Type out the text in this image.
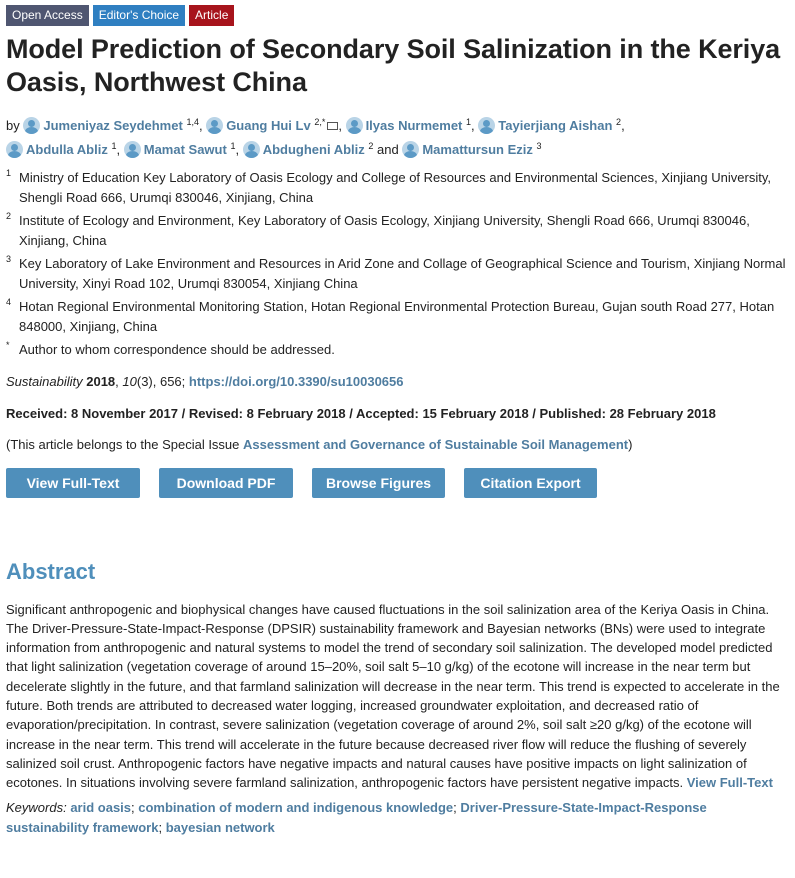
Open Access	Editor's Choice	Article
Model Prediction of Secondary Soil Salinization in the Keriya Oasis, Northwest China
by Jumeniyaz Seydehmet $^{1,4}$, Guang Hui Lv $^{2,*}$ , Ilyas Nurmemet $^1$, Tayierjiang Aishan $^2$,
Abdulla Abliz $^1$, Mamat Sawut $^1$, Abdugheni Abliz $^2$ and Mamattursun Eziz $^3$
1 Ministry of Education Key Laboratory of Oasis Ecology and College of Resources and Environmental Sciences, Xinjiang University, Shengli Road 666, Urumqi 830046, Xinjiang, China
2 Institute of Ecology and Environment, Key Laboratory of Oasis Ecology, Xinjiang University, Shengli Road 666, Urumqi 830046, Xinjiang, China
3 Key Laboratory of Lake Environment and Resources in Arid Zone and Collage of Geographical Science and Tourism, Xinjiang Normal University, Xinyi Road 102, Urumqi 830054, Xinjiang China
4 Hotan Regional Environmental Monitoring Station, Hotan Regional Environmental Protection Bureau, Gujan south Road 277, Hotan 848000, Xinjiang, China
* Author to whom correspondence should be addressed.
Sustainability 2018, 10(3), 656; https://doi.org/10.3390/su10030656
Received: 8 November 2017 / Revised: 8 February 2018 / Accepted: 15 February 2018 / Published: 28 February 2018
(This article belongs to the Special Issue Assessment and Governance of Sustainable Soil Management)
View Full-Text	Download PDF	Browse Figures	Citation Export
Abstract
Significant anthropogenic and biophysical changes have caused fluctuations in the soil salinization area of the Keriya Oasis in China. The Driver-Pressure-State-Impact-Response (DPSIR) sustainability framework and Bayesian networks (BNs) were used to integrate information from anthropogenic and natural systems to model the trend of secondary soil salinization. The developed model predicted that light salinization (vegetation coverage of around 15–20%, soil salt 5–10 g/kg) of the ecotone will increase in the near term but decelerate slightly in the future, and that farmland salinization will decrease in the near term. This trend is expected to accelerate in the future. Both trends are attributed to decreased water logging, increased groundwater exploitation, and decreased ratio of evaporation/precipitation. In contrast, severe salinization (vegetation coverage of around 2%, soil salt ≥20 g/kg) of the ecotone will increase in the near term. This trend will accelerate in the future because decreased river flow will reduce the flushing of severely salinized soil crust. Anthropogenic factors have negative impacts and natural causes have positive impacts on light salinization of ecotones. In situations involving severe farmland salinization, anthropogenic factors have persistent negative impacts. View Full-Text
Keywords: arid oasis; combination of modern and indigenous knowledge; Driver-Pressure-State-Impact-Response sustainability framework; bayesian network
